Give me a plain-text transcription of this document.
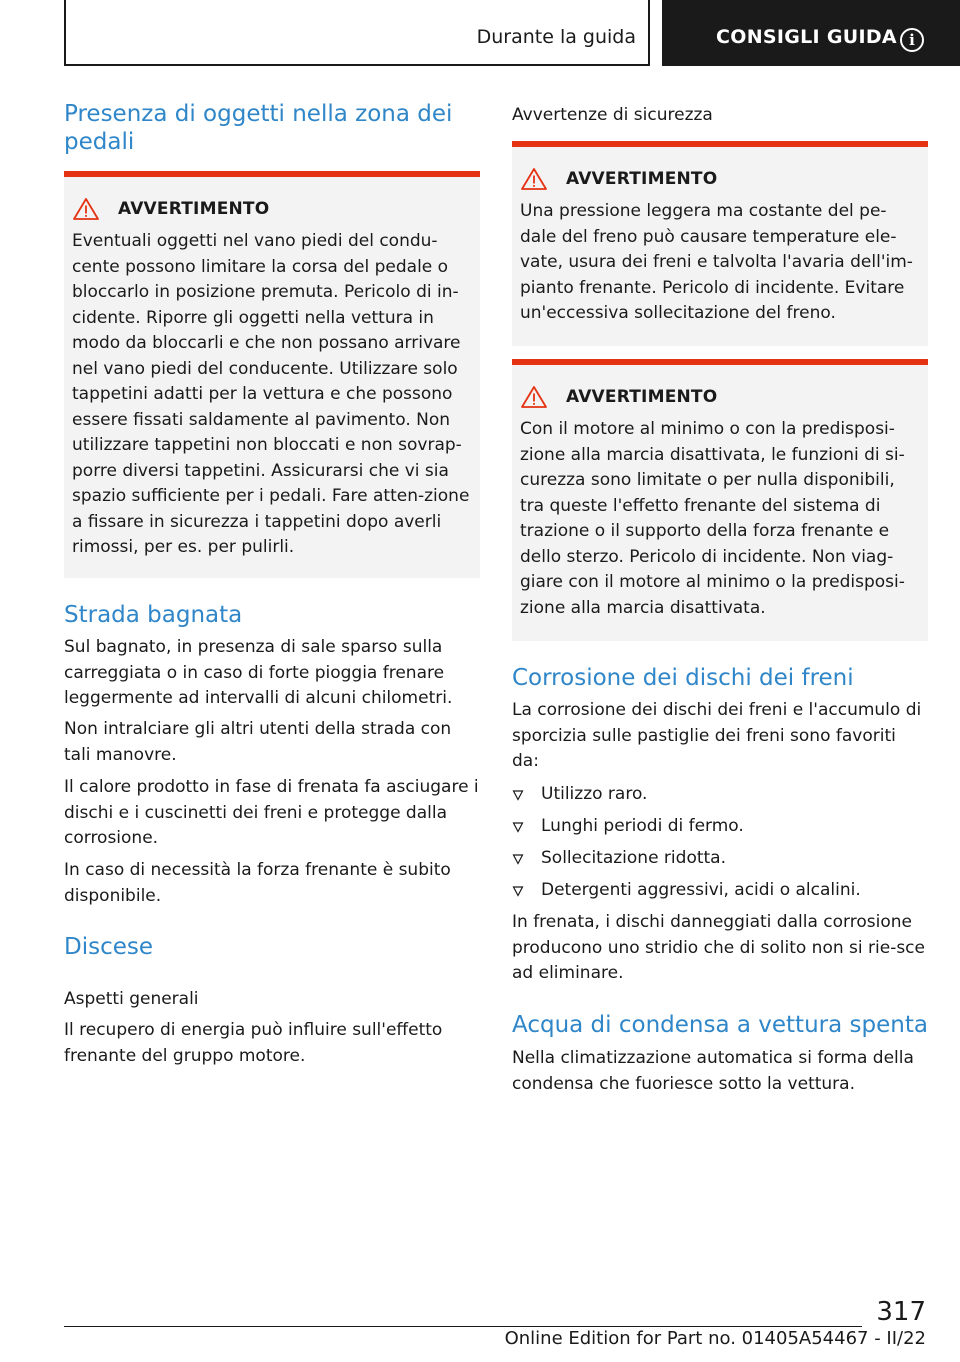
Durante la guida	CONSIGLI GUIDA i
Presenza di oggetti nella zona dei pedali
AVVERTIMENTO
Eventuali oggetti nel vano piedi del condu-cente possono limitare la corsa del pedale o bloccarlo in posizione premuta. Pericolo di in-cidente. Riporre gli oggetti nella vettura in modo da bloccarli e che non possano arrivare nel vano piedi del conducente. Utilizzare solo tappetini adatti per la vettura e che possono essere fissati saldamente al pavimento. Non utilizzare tappetini non bloccati e non sovrap-porre diversi tappetini. Assicurarsi che vi sia spazio sufficiente per i pedali. Fare atten-zione a fissare in sicurezza i tappetini dopo averli rimossi, per es. per pulirli.
Strada bagnata
Sul bagnato, in presenza di sale sparso sulla carreggiata o in caso di forte pioggia frenare leggermente ad intervalli di alcuni chilometri.
Non intralciare gli altri utenti della strada con tali manovre.
Il calore prodotto in fase di frenata fa asciugare i dischi e i cuscinetti dei freni e protegge dalla corrosione.
In caso di necessità la forza frenante è subito disponibile.
Discese
Aspetti generali
Il recupero di energia può influire sull'effetto frenante del gruppo motore.
Avvertenze di sicurezza
AVVERTIMENTO
Una pressione leggera ma costante del pe-dale del freno può causare temperature ele-vate, usura dei freni e talvolta l'avaria dell'im-pianto frenante. Pericolo di incidente. Evitare un'eccessiva sollecitazione del freno.
AVVERTIMENTO
Con il motore al minimo o con la predisposi-zione alla marcia disattivata, le funzioni di si-curezza sono limitate o per nulla disponibili, tra queste l'effetto frenante del sistema di trazione o il supporto della forza frenante e dello sterzo. Pericolo di incidente. Non viag-giare con il motore al minimo o la predisposi-zione alla marcia disattivata.
Corrosione dei dischi dei freni
La corrosione dei dischi dei freni e l'accumulo di sporcizia sulle pastiglie dei freni sono favoriti da:
Utilizzo raro.
Lunghi periodi di fermo.
Sollecitazione ridotta.
Detergenti aggressivi, acidi o alcalini.
In frenata, i dischi danneggiati dalla corrosione producono uno stridio che di solito non si rie-sce ad eliminare.
Acqua di condensa a vettura spenta
Nella climatizzazione automatica si forma della condensa che fuoriesce sotto la vettura.
317
Online Edition for Part no. 01405A54467 - II/22
